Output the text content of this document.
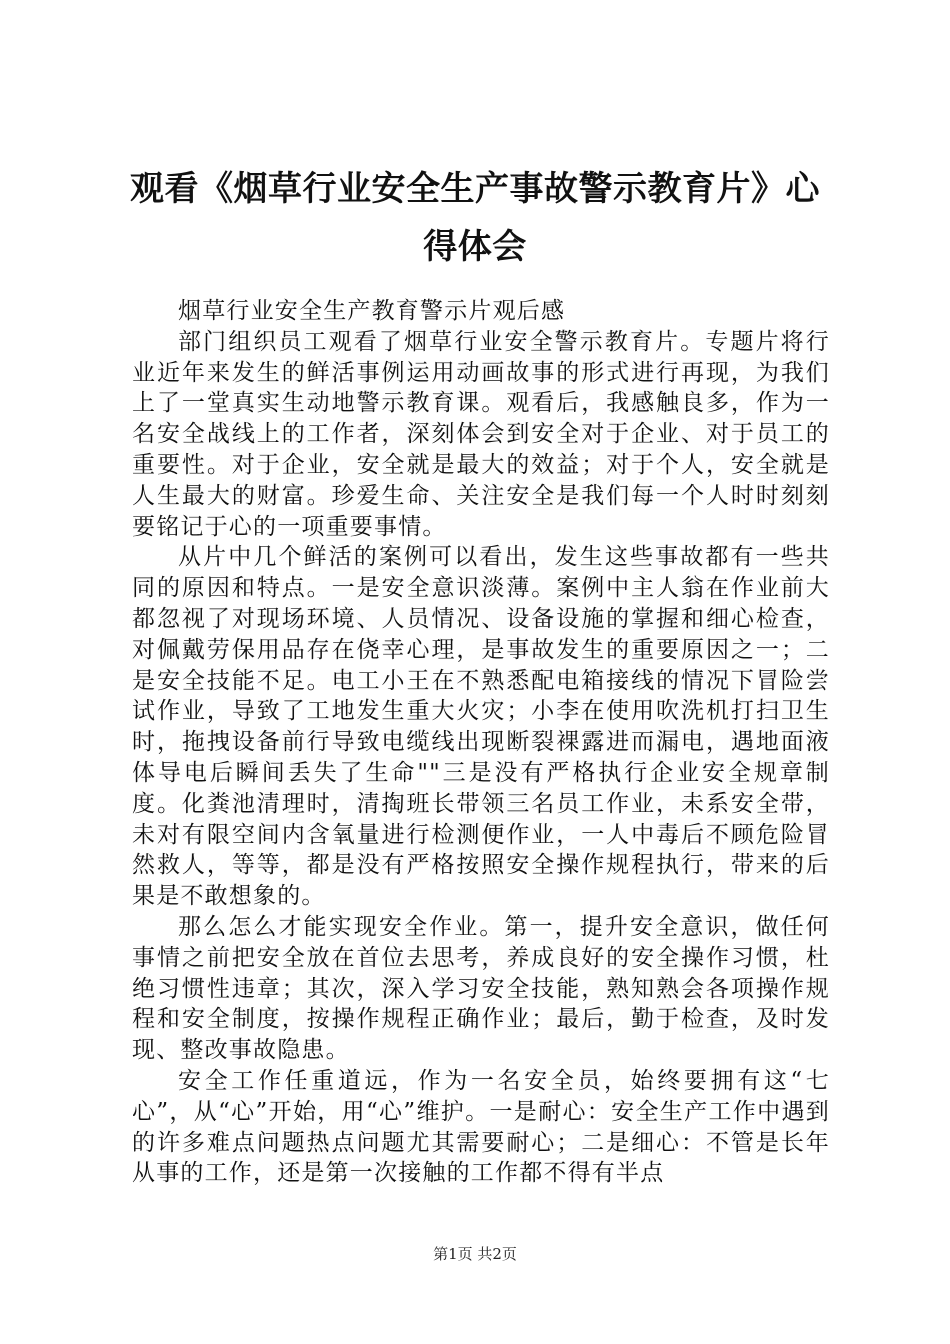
观看《烟草行业安全生产事故警示教育片》心得体会

烟草行业安全生产教育警示片观后感

部门组织员工观看了烟草行业安全警示教育片。专题片将行业近年来发生的鲜活事例运用动画故事的形式进行再现，为我们上了一堂真实生动地警示教育课。观看后，我感触良多，作为一名安全战线上的工作者，深刻体会到安全对于企业、对于员工的重要性。对于企业，安全就是最大的效益；对于个人，安全就是人生最大的财富。珍爱生命、关注安全是我们每一个人时时刻刻要铭记于心的一项重要事情。

从片中几个鲜活的案例可以看出，发生这些事故都有一些共同的原因和特点。一是安全意识淡薄。案例中主人翁在作业前大都忽视了对现场环境、人员情况、设备设施的掌握和细心检查，对佩戴劳保用品存在侥幸心理，是事故发生的重要原因之一；二是安全技能不足。电工小王在不熟悉配电箱接线的情况下冒险尝试作业，导致了工地发生重大火灾；小李在使用吹洗机打扫卫生时，拖拽设备前行导致电缆线出现断裂裸露进而漏电，遇地面液体导电后瞬间丢失了生命""三是没有严格执行企业安全规章制度。化粪池清理时，清掏班长带领三名员工作业，未系安全带，未对有限空间内含氧量进行检测便作业，一人中毒后不顾危险冒然救人，等等，都是没有严格按照安全操作规程执行，带来的后果是不敢想象的。

那么怎么才能实现安全作业。第一，提升安全意识，做任何事情之前把安全放在首位去思考，养成良好的安全操作习惯，杜绝习惯性违章；其次，深入学习安全技能，熟知熟会各项操作规程和安全制度，按操作规程正确作业；最后，勤于检查，及时发现、整改事故隐患。

安全工作任重道远，作为一名安全员，始终要拥有这“七心”，从“心”开始，用“心”维护。一是耐心：安全生产工作中遇到的许多难点问题热点问题尤其需要耐心；二是细心：不管是长年从事的工作，还是第一次接触的工作都不得有半点

第1页 共2页
